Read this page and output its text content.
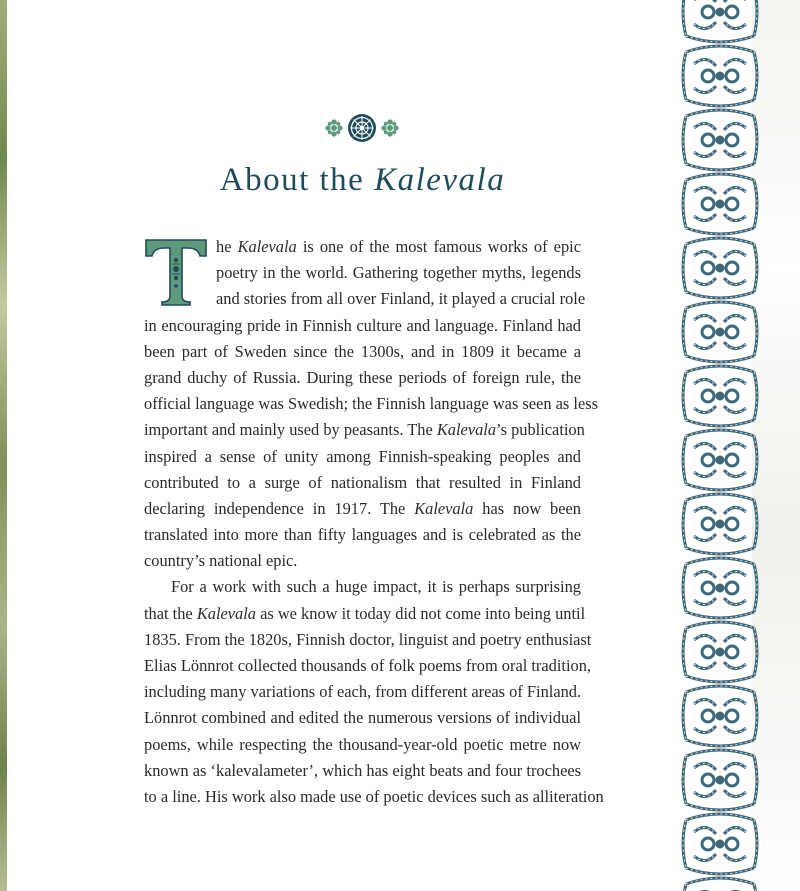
About the Kalevala
he Kalevala is one of the most famous works of epic
poetry in the world. Gathering together myths, legends
and stories from all over Finland, it played a crucial role
in encouraging pride in Finnish culture and language. Finland had
been part of Sweden since the 1300s, and in 1809 it became a
grand duchy of Russia. During these periods of foreign rule, the
official language was Swedish; the Finnish language was seen as less
important and mainly used by peasants. The Kalevala’s publication
inspired a sense of unity among Finnish-speaking peoples and
contributed to a surge of nationalism that resulted in Finland
declaring independence in 1917. The Kalevala has now been
translated into more than fifty languages and is celebrated as the
country’s national epic.
For a work with such a huge impact, it is perhaps surprising
that the Kalevala as we know it today did not come into being until
1835. From the 1820s, Finnish doctor, linguist and poetry enthusiast
Elias Lönnrot collected thousands of folk poems from oral tradition,
including many variations of each, from different areas of Finland.
Lönnrot combined and edited the numerous versions of individual
poems, while respecting the thousand-year-old poetic metre now
known as ‘kalevalameter’, which has eight beats and four trochees
to a line. His work also made use of poetic devices such as alliteration
